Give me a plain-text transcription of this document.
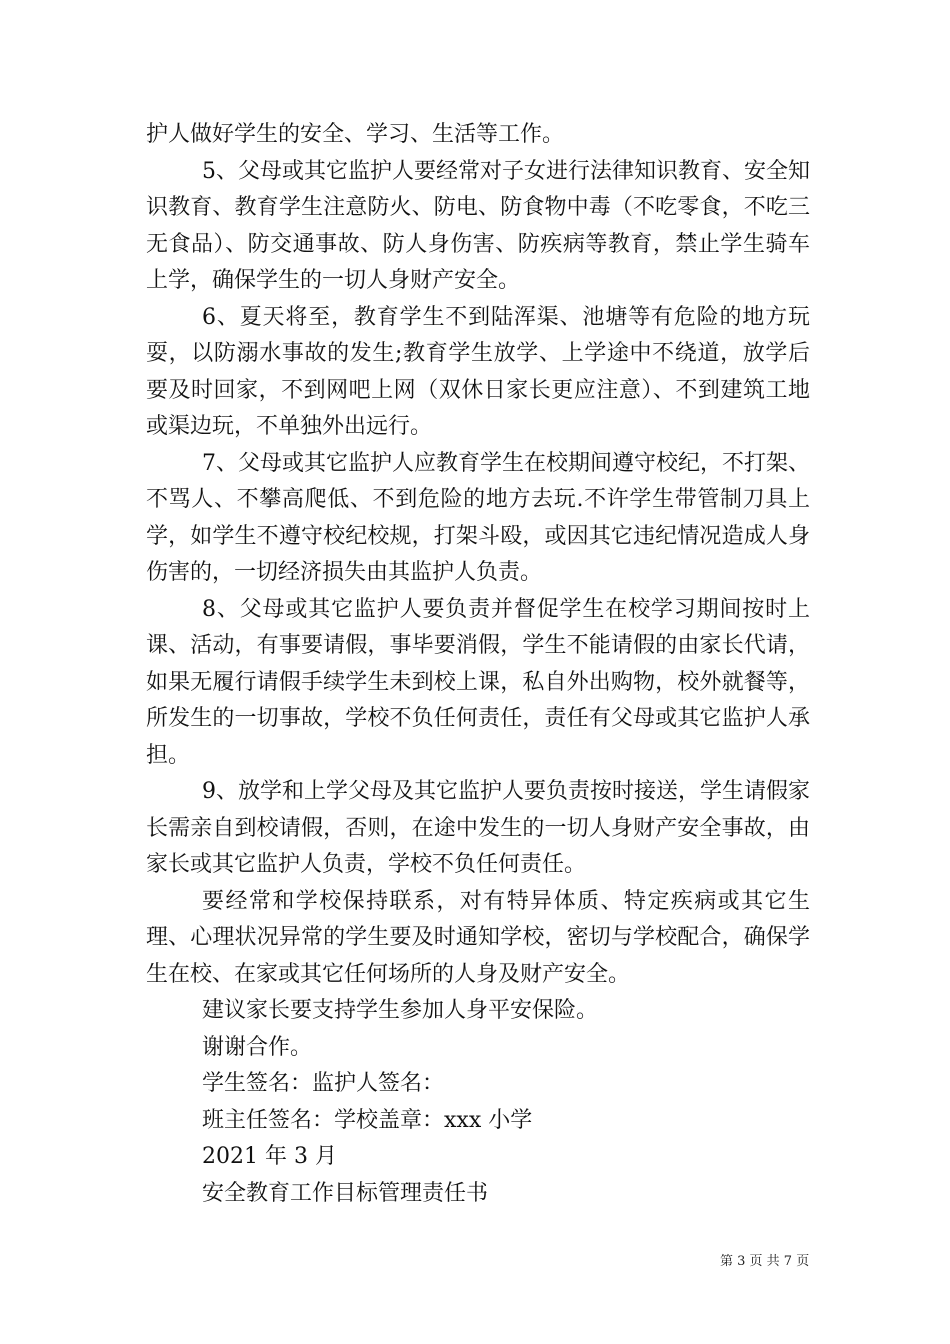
护人做好学生的安全、学习、生活等工作。

5、父母或其它监护人要经常对子女进行法律知识教育、安全知识教育、教育学生注意防火、防电、防食物中毒（不吃零食，不吃三无食品）、防交通事故、防人身伤害、防疾病等教育，禁止学生骑车上学，确保学生的一切人身财产安全。

6、夏天将至，教育学生不到陆浑渠、池塘等有危险的地方玩耍，以防溺水事故的发生;教育学生放学、上学途中不绕道，放学后要及时回家，不到网吧上网（双休日家长更应注意）、不到建筑工地或渠边玩，不单独外出远行。

7、父母或其它监护人应教育学生在校期间遵守校纪，不打架、不骂人、不攀高爬低、不到危险的地方去玩.不许学生带管制刀具上学，如学生不遵守校纪校规，打架斗殴，或因其它违纪情况造成人身伤害的，一切经济损失由其监护人负责。

8、父母或其它监护人要负责并督促学生在校学习期间按时上课、活动，有事要请假，事毕要消假，学生不能请假的由家长代请，如果无履行请假手续学生未到校上课，私自外出购物，校外就餐等，所发生的一切事故，学校不负任何责任，责任有父母或其它监护人承担。

9、放学和上学父母及其它监护人要负责按时接送，学生请假家长需亲自到校请假，否则，在途中发生的一切人身财产安全事故，由家长或其它监护人负责，学校不负任何责任。

要经常和学校保持联系，对有特异体质、特定疾病或其它生理、心理状况异常的学生要及时通知学校，密切与学校配合，确保学生在校、在家或其它任何场所的人身及财产安全。

建议家长要支持学生参加人身平安保险。

谢谢合作。

学生签名：监护人签名：

班主任签名：学校盖章：xxx 小学

2021 年 3 月

安全教育工作目标管理责任书

第 3 页 共 7 页
